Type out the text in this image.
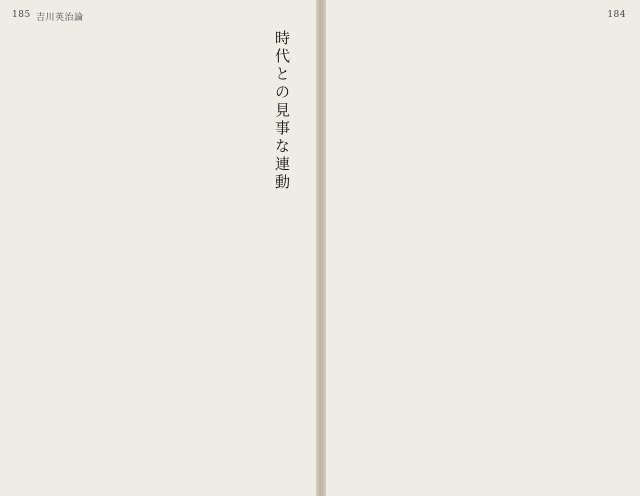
185 吉川英治論
時代との見事な連動
184
